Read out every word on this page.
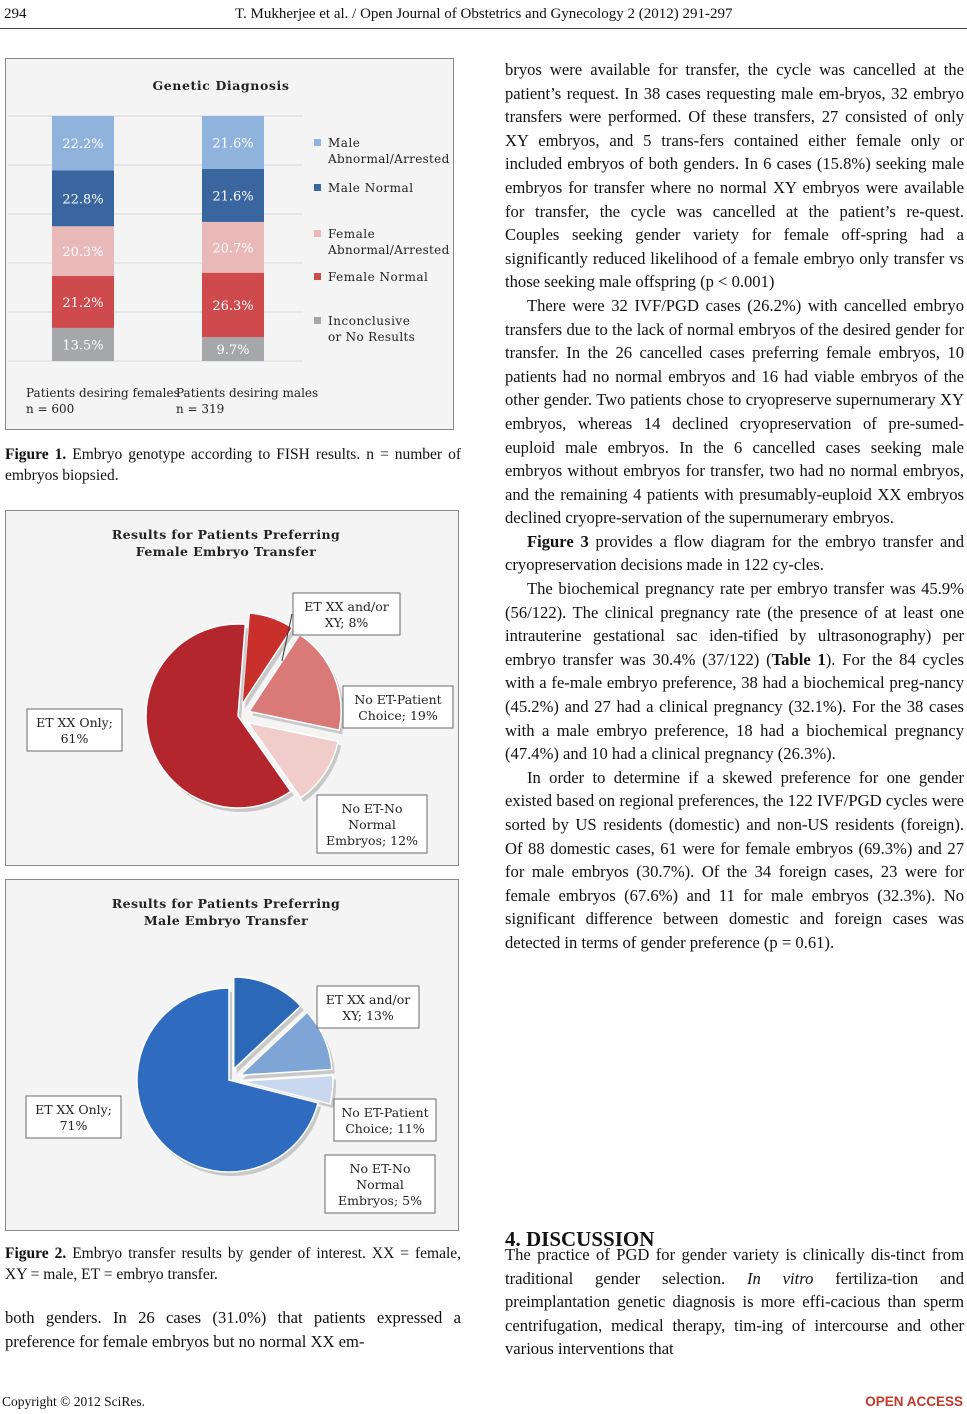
294	T. Mukherjee et al. / Open Journal of Obstetrics and Gynecology 2 (2012) 291-297
Genetic Diagnosis
13.5%
21.2%
20.3%
22.8%
22.2%
Patients desiring females
n = 600
9.7%
26.3%
20.7%
21.6%
21.6%
Patients desiring males
n = 319
Male
Abnormal/Arrested
Male Normal
Female
Abnormal/Arrested
Female Normal
Inconclusive
or No Results
Figure 1. Embryo genotype according to FISH results. n = number of embryos biopsied.
Results for Patients Preferring
Female Embryo Transfer
ET XX and/or
XY; 8%
No ET-Patient
Choice; 19%
No ET-No
Normal
Embryos; 12%
ET XX Only;
61%
Results for Patients Preferring
Male Embryo Transfer
ET XX and/or
XY; 13%
No ET-Patient
Choice; 11%
No ET-No
Normal
Embryos; 5%
ET XX Only;
71%
Figure 2. Embryo transfer results by gender of interest. XX = female, XY = male, ET = embryo transfer.

both genders. In 26 cases (31.0%) that patients expressed a preference for female embryos but no normal XX em-

bryos were available for transfer, the cycle was cancelled at the patient’s request. In 38 cases requesting male em-bryos, 32 embryo transfers were performed. Of these transfers, 27 consisted of only XY embryos, and 5 trans-fers contained either female only or included embryos of both genders. In 6 cases (15.8%) seeking male embryos for transfer where no normal XY embryos were available for transfer, the cycle was cancelled at the patient’s re-quest. Couples seeking gender variety for female off-spring had a significantly reduced likelihood of a female embryo only transfer vs those seeking male offspring (p < 0.001)

There were 32 IVF/PGD cases (26.2%) with cancelled embryo transfers due to the lack of normal embryos of the desired gender for transfer. In the 26 cancelled cases preferring female embryos, 10 patients had no normal embryos and 16 had viable embryos of the other gender. Two patients chose to cryopreserve supernumerary XY embryos, whereas 14 declined cryopreservation of pre-sumed-euploid male embryos. In the 6 cancelled cases seeking male embryos without embryos for transfer, two had no normal embryos, and the remaining 4 patients with presumably-euploid XX embryos declined cryopre-servation of the supernumerary embryos.

Figure 3 provides a flow diagram for the embryo transfer and cryopreservation decisions made in 122 cy-cles.

The biochemical pregnancy rate per embryo transfer was 45.9% (56/122). The clinical pregnancy rate (the presence of at least one intrauterine gestational sac iden-tified by ultrasonography) per embryo transfer was 30.4% (37/122) (Table 1). For the 84 cycles with a fe-male embryo preference, 38 had a biochemical preg-nancy (45.2%) and 27 had a clinical pregnancy (32.1%). For the 38 cases with a male embryo preference, 18 had a biochemical pregnancy (47.4%) and 10 had a clinical pregnancy (26.3%).

In order to determine if a skewed preference for one gender existed based on regional preferences, the 122 IVF/PGD cycles were sorted by US residents (domestic) and non-US residents (foreign). Of 88 domestic cases, 61 were for female embryos (69.3%) and 27 for male embryos (30.7%). Of the 34 foreign cases, 23 were for female embryos (67.6%) and 11 for male embryos (32.3%). No significant difference between domestic and foreign cases was detected in terms of gender preference (p = 0.61).

4. DISCUSSION

The practice of PGD for gender variety is clinically dis-tinct from traditional gender selection. In vitro fertiliza-tion and preimplantation genetic diagnosis is more effi-cacious than sperm centrifugation, medical therapy, tim-ing of intercourse and other various interventions that

Copyright © 2012 SciRes.	OPEN ACCESS
